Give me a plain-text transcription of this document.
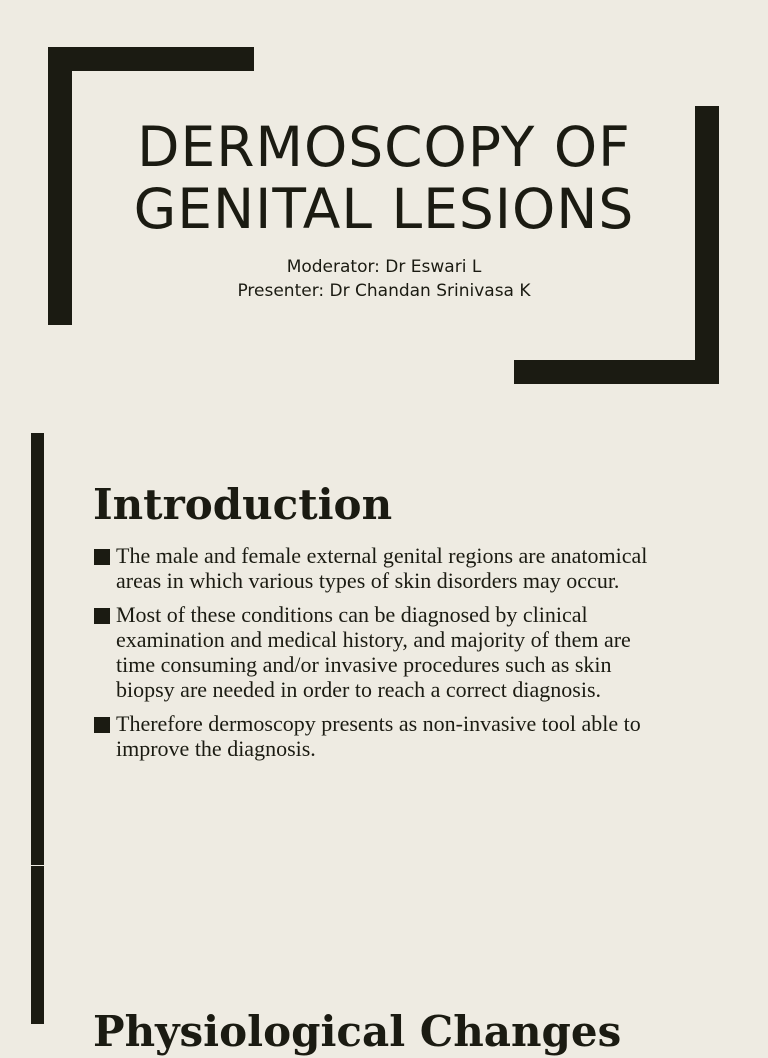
DERMOSCOPY OF
GENITAL LESIONS
Moderator: Dr Eswari L
Presenter: Dr Chandan Srinivasa K
Introduction
The male and female external genital regions are anatomical areas in which various types of skin disorders may occur.
Most of these conditions can be diagnosed by clinical examination and medical history, and majority of them are time consuming and/or invasive procedures such as skin biopsy are needed in order to reach a correct diagnosis.
Therefore dermoscopy presents as non-invasive tool able to improve the diagnosis.
Physiological Changes
